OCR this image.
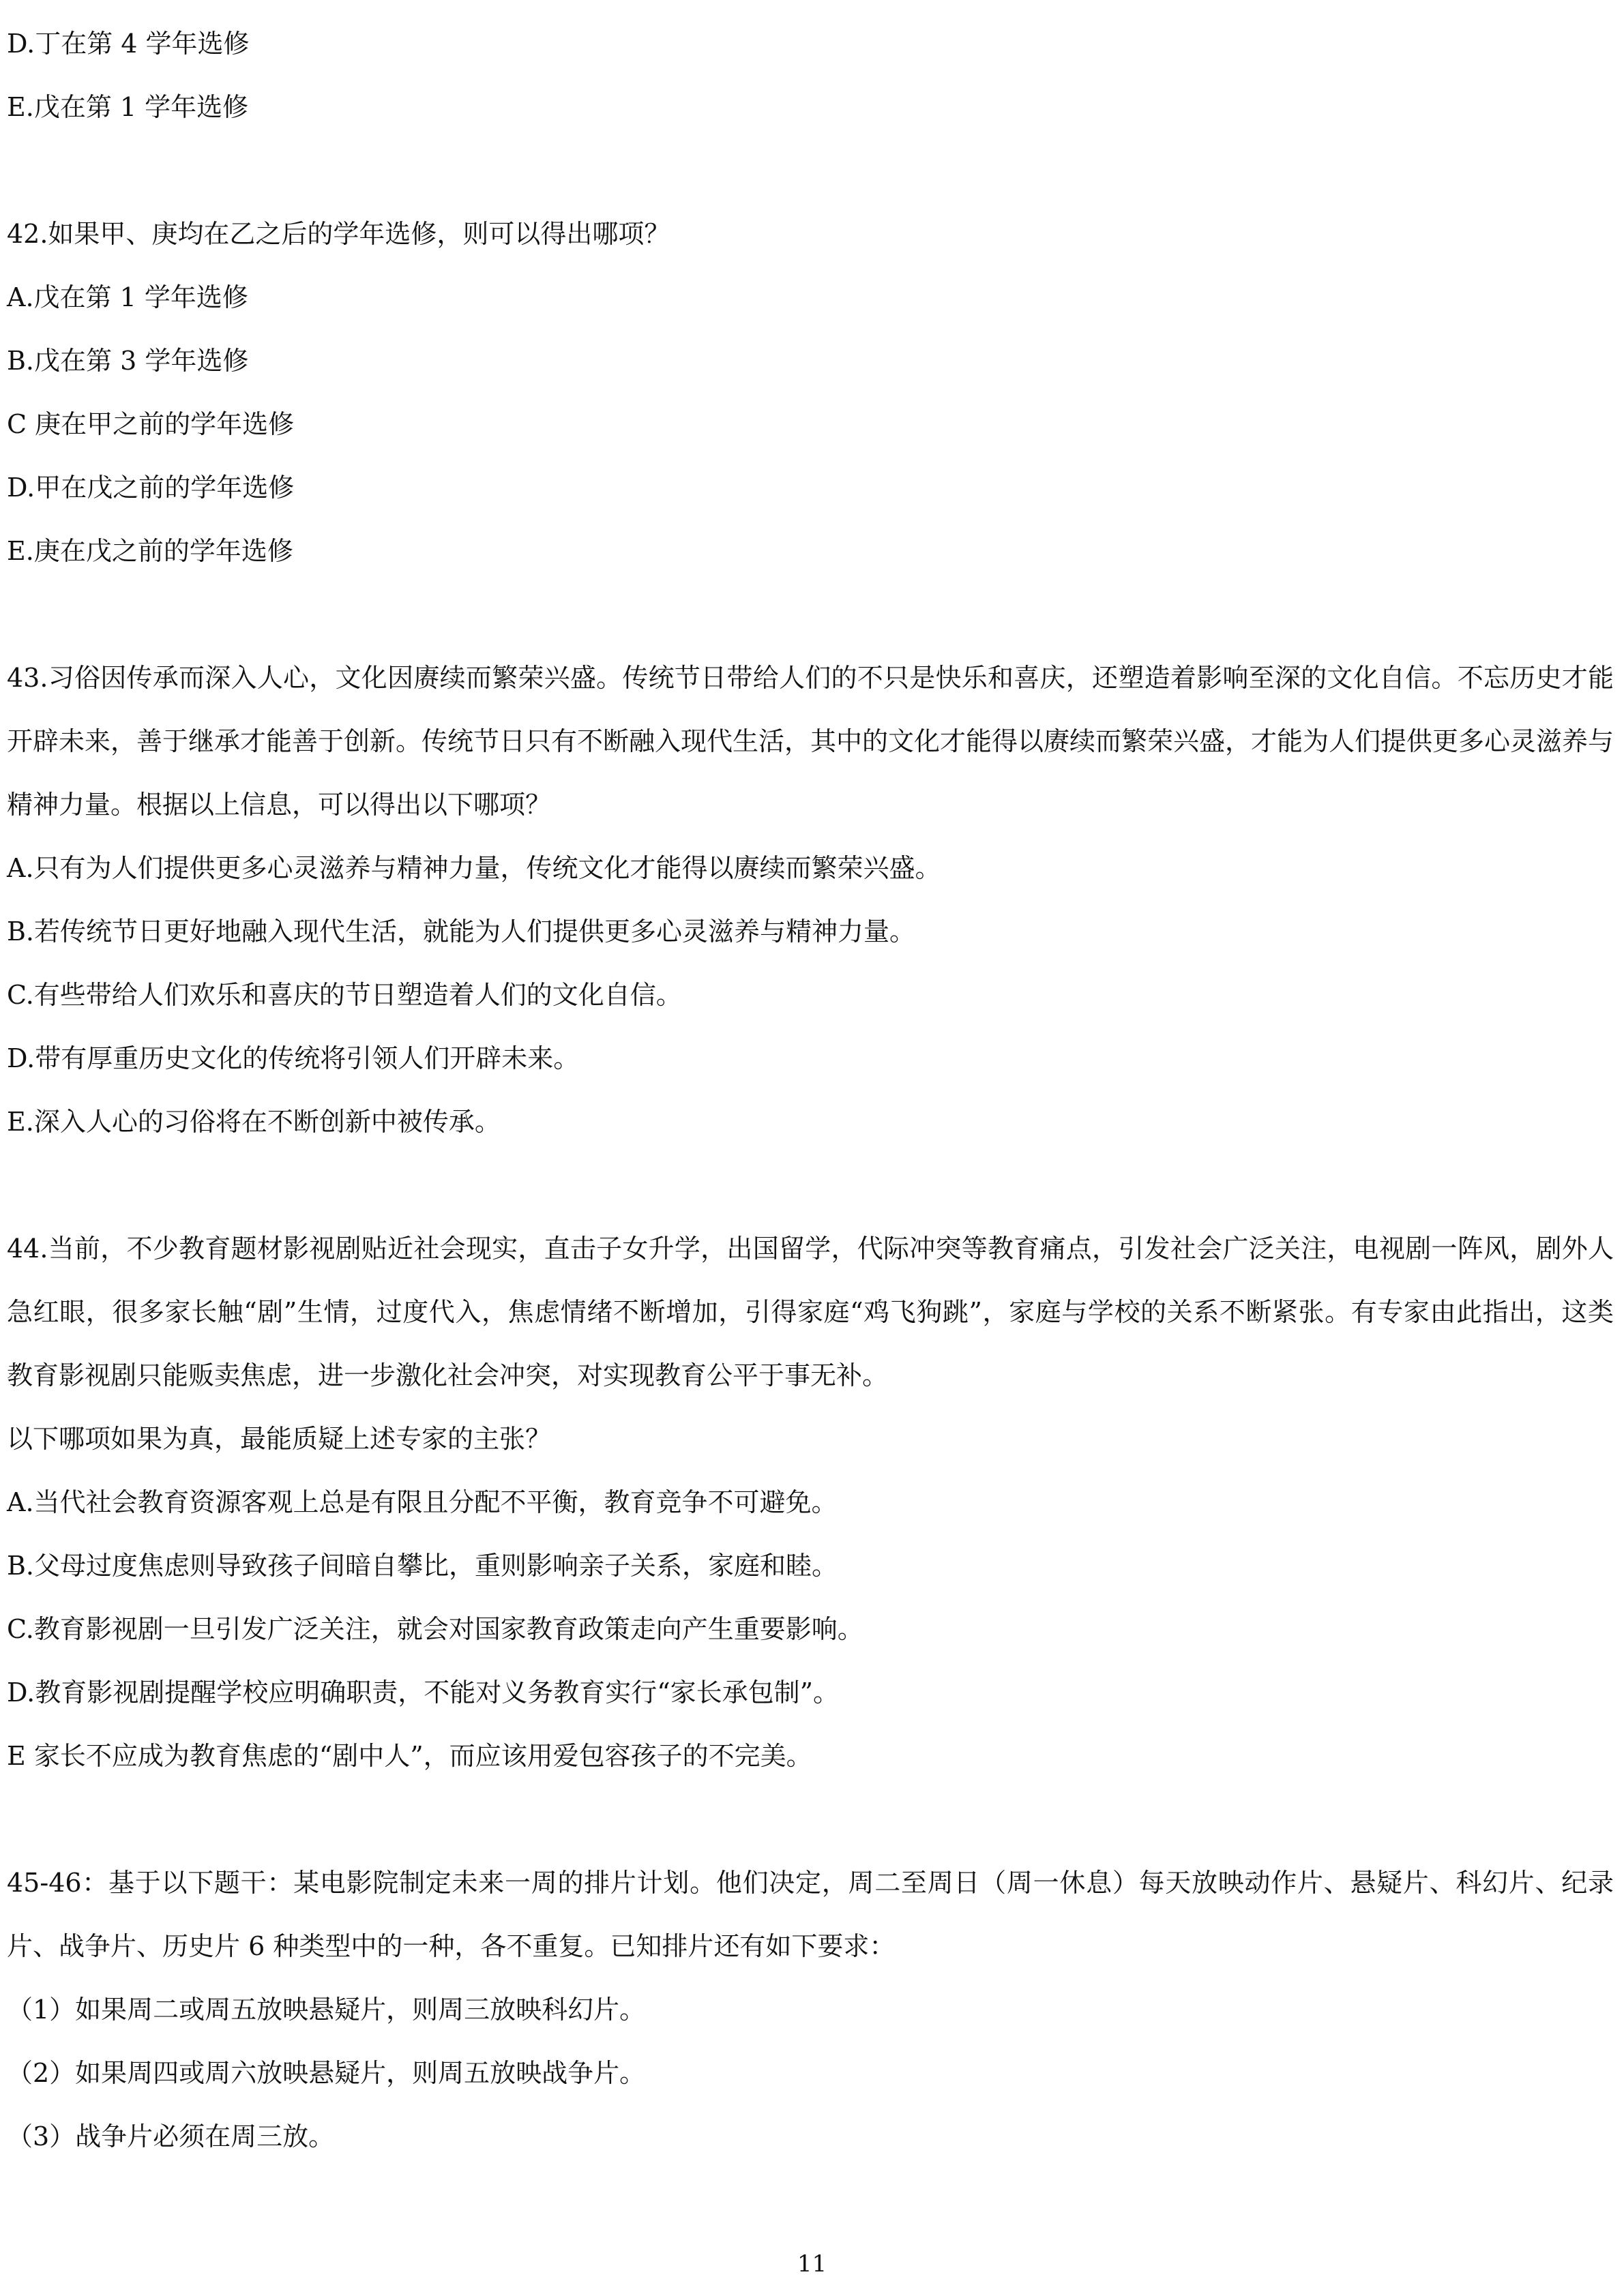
D.丁在第 4 学年选修

E.戊在第 1 学年选修

42.如果甲、庚均在乙之后的学年选修，则可以得出哪项？

A.戊在第 1 学年选修

B.戊在第 3 学年选修

C 庚在甲之前的学年选修

D.甲在戊之前的学年选修

E.庚在戊之前的学年选修

43.习俗因传承而深入人心，文化因赓续而繁荣兴盛。传统节日带给人们的不只是快乐和喜庆，还塑造着影响至深的文化自信。不忘历史才能开辟未来，善于继承才能善于创新。传统节日只有不断融入现代生活，其中的文化才能得以赓续而繁荣兴盛，才能为人们提供更多心灵滋养与精神力量。根据以上信息，可以得出以下哪项？

A.只有为人们提供更多心灵滋养与精神力量，传统文化才能得以赓续而繁荣兴盛。

B.若传统节日更好地融入现代生活，就能为人们提供更多心灵滋养与精神力量。

C.有些带给人们欢乐和喜庆的节日塑造着人们的文化自信。

D.带有厚重历史文化的传统将引领人们开辟未来。

E.深入人心的习俗将在不断创新中被传承。

44.当前，不少教育题材影视剧贴近社会现实，直击子女升学，出国留学，代际冲突等教育痛点，引发社会广泛关注，电视剧一阵风，剧外人急红眼，很多家长触“剧”生情，过度代入，焦虑情绪不断增加，引得家庭“鸡飞狗跳”，家庭与学校的关系不断紧张。有专家由此指出，这类教育影视剧只能贩卖焦虑，进一步激化社会冲突，对实现教育公平于事无补。

以下哪项如果为真，最能质疑上述专家的主张？

A.当代社会教育资源客观上总是有限且分配不平衡，教育竞争不可避免。

B.父母过度焦虑则导致孩子间暗自攀比，重则影响亲子关系，家庭和睦。

C.教育影视剧一旦引发广泛关注，就会对国家教育政策走向产生重要影响。

D.教育影视剧提醒学校应明确职责，不能对义务教育实行“家长承包制”。

E 家长不应成为教育焦虑的“剧中人”，而应该用爱包容孩子的不完美。

45-46：基于以下题干：某电影院制定未来一周的排片计划。他们决定，周二至周日（周一休息）每天放映动作片、悬疑片、科幻片、纪录片、战争片、历史片 6 种类型中的一种，各不重复。已知排片还有如下要求：

（1）如果周二或周五放映悬疑片，则周三放映科幻片。

（2）如果周四或周六放映悬疑片，则周五放映战争片。

（3）战争片必须在周三放。

11
